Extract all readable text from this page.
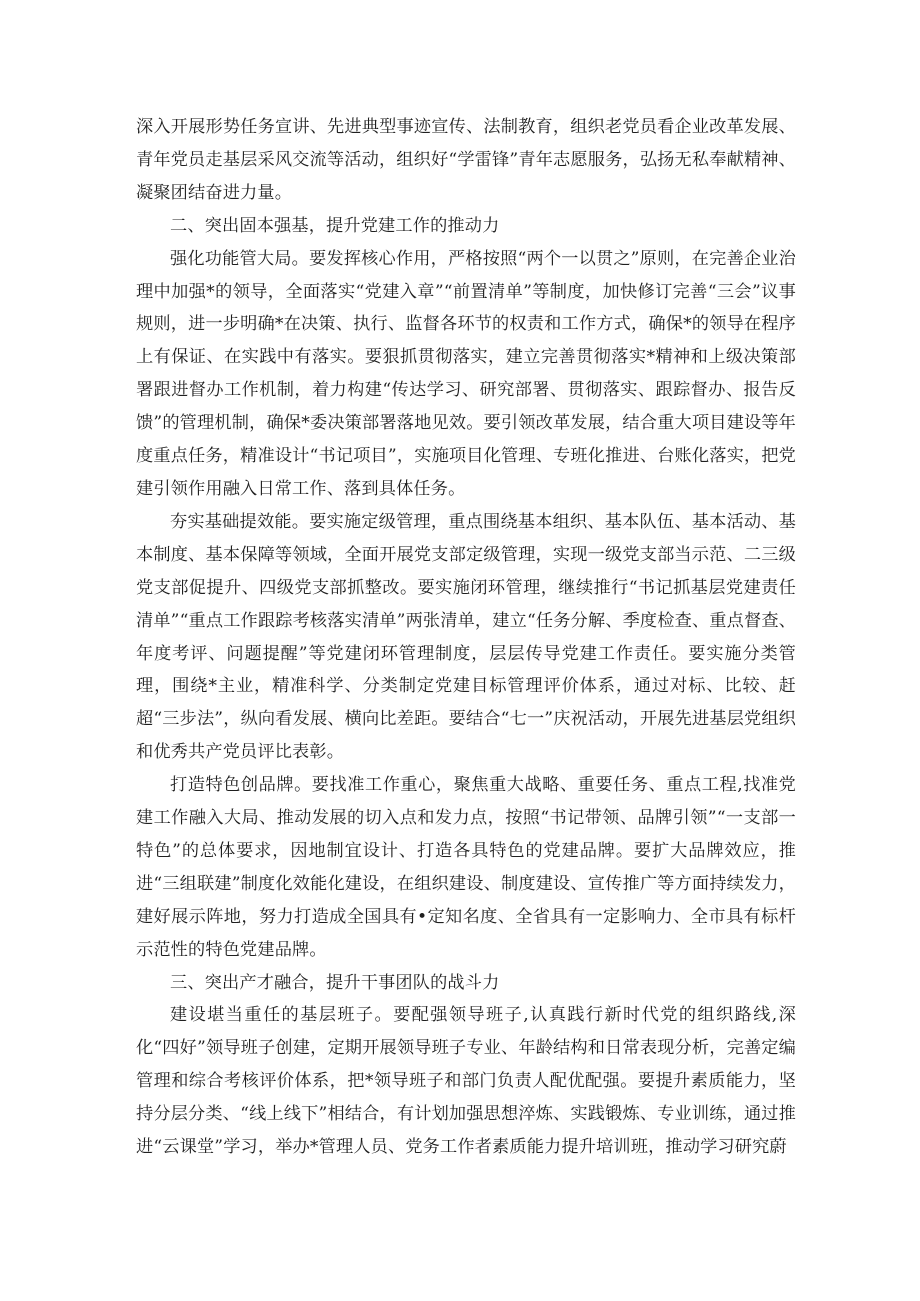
深入开展形势任务宣讲、先进典型事迹宣传、法制教育，组织老党员看企业改革发展、青年党员走基层采风交流等活动，组织好“学雷锋”青年志愿服务，弘扬无私奉献精神、凝聚团结奋进力量。

二、突出固本强基，提升党建工作的推动力

强化功能管大局。要发挥核心作用，严格按照“两个一以贯之”原则，在完善企业治理中加强*的领导，全面落实“党建入章”“前置清单”等制度，加快修订完善“三会”议事规则，进一步明确*在决策、执行、监督各环节的权责和工作方式，确保*的领导在程序上有保证、在实践中有落实。要狠抓贯彻落实，建立完善贯彻落实*精神和上级决策部署跟进督办工作机制，着力构建“传达学习、研究部署、贯彻落实、跟踪督办、报告反馈”的管理机制，确保*委决策部署落地见效。要引领改革发展，结合重大项目建设等年度重点任务，精准设计“书记项目”，实施项目化管理、专班化推进、台账化落实，把党建引领作用融入日常工作、落到具体任务。

夯实基础提效能。要实施定级管理，重点围绕基本组织、基本队伍、基本活动、基本制度、基本保障等领域，全面开展党支部定级管理，实现一级党支部当示范、二三级党支部促提升、四级党支部抓整改。要实施闭环管理，继续推行“书记抓基层党建责任清单”“重点工作跟踪考核落实清单”两张清单，建立“任务分解、季度检查、重点督查、年度考评、问题提醒”等党建闭环管理制度，层层传导党建工作责任。要实施分类管理，围绕*主业，精准科学、分类制定党建目标管理评价体系，通过对标、比较、赶超“三步法”，纵向看发展、横向比差距。要结合“七一”庆祝活动，开展先进基层党组织和优秀共产党员评比表彰。

打造特色创品牌。要找准工作重心，聚焦重大战略、重要任务、重点工程,找准党建工作融入大局、推动发展的切入点和发力点，按照“书记带领、品牌引领”“一支部一特色”的总体要求，因地制宜设计、打造各具特色的党建品牌。要扩大品牌效应，推进“三组联建”制度化效能化建设，在组织建设、制度建设、宣传推广等方面持续发力，建好展示阵地，努力打造成全国具有•定知名度、全省具有一定影响力、全市具有标杆示范性的特色党建品牌。

三、突出产才融合，提升干事团队的战斗力

建设堪当重任的基层班子。要配强领导班子,认真践行新时代党的组织路线,深化“四好”领导班子创建，定期开展领导班子专业、年龄结构和日常表现分析，完善定编管理和综合考核评价体系，把*领导班子和部门负责人配优配强。要提升素质能力，坚持分层分类、“线上线下”相结合，有计划加强思想淬炼、实践锻炼、专业训练，通过推进“云课堂”学习，举办*管理人员、党务工作者素质能力提升培训班，推动学习研究蔚
